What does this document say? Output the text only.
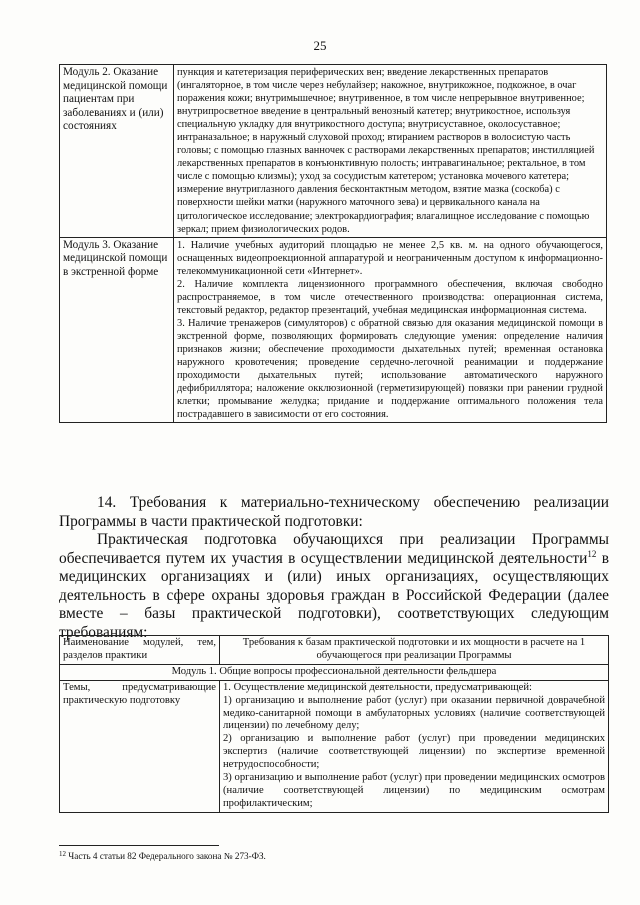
25
Модуль 2. Оказание медицинской помощи пациентам при заболеваниях и (или) состояниях	пункция и катетеризация периферических вен; введение лекарственных препаратов (ингаляторное, в том числе через небулайзер; накожное, внутрикожное, подкожное, в очаг поражения кожи; внутримышечное; внутривенное, в том числе непрерывное внутривенное; внутрипросветное введение в центральный венозный катетер; внутрикостное, используя специальную укладку для внутрикостного доступа; внутрисуставное, околосуставное; интраназальное; в наружный слуховой проход; втиранием растворов в волосистую часть головы; с помощью глазных ванночек с растворами лекарственных препаратов; инстилляцией лекарственных препаратов в конъюнктивную полость; интравагинальное; ректальное, в том числе с помощью клизмы); уход за сосудистым катетером; установка мочевого катетера; измерение внутриглазного давления бесконтактным методом, взятие мазка (соскоба) с поверхности шейки матки (наружного маточного зева) и цервикального канала на цитологическое исследование; электрокардиография; влагалищное исследование с помощью зеркал; прием физиологических родов.

Модуль 3. Оказание медицинской помощи в экстренной форме	1. Наличие учебных аудиторий площадью не менее 2,5 кв. м. на одного обучающегося, оснащенных видеопроекционной аппаратурой и неограниченным доступом к информационно-телекоммуникационной сети «Интернет».
2. Наличие комплекта лицензионного программного обеспечения, включая свободно распространяемое, в том числе отечественного производства: операционная система, текстовый редактор, редактор презентаций, учебная медицинская информационная система.
3. Наличие тренажеров (симуляторов) с обратной связью для оказания медицинской помощи в экстренной форме, позволяющих формировать следующие умения: определение наличия признаков жизни; обеспечение проходимости дыхательных путей; временная остановка наружного кровотечения; проведение сердечно-легочной реанимации и поддержание проходимости дыхательных путей; использование автоматического наружного дефибриллятора; наложение окклюзионной (герметизирующей) повязки при ранении грудной клетки; промывание желудка; придание и поддержание оптимального положения тела пострадавшего в зависимости от его состояния.

14. Требования к материально-техническому обеспечению реализации Программы в части практической подготовки:

Практическая подготовка обучающихся при реализации Программы обеспечивается путем их участия в осуществлении медицинской деятельности$^{12}$ в медицинских организациях и (или) иных организациях, осуществляющих деятельность в сфере охраны здоровья граждан в Российской Федерации (далее вместе – базы практической подготовки), соответствующих следующим требованиям:

Наименование модулей, тем, разделов практики	Требования к базам практической подготовки и их мощности в расчете на 1 обучающегося при реализации Программы
Модуль 1. Общие вопросы профессиональной деятельности фельдшера	
Темы, предусматривающие практическую подготовку	1. Осуществление медицинской деятельности, предусматривающей:
1) организацию и выполнение работ (услуг) при оказании первичной доврачебной медико-санитарной помощи в амбулаторных условиях (наличие соответствующей лицензии) по лечебному делу;
2) организацию и выполнение работ (услуг) при проведении медицинских экспертиз (наличие соответствующей лицензии) по экспертизе временной нетрудоспособности;
3) организацию и выполнение работ (услуг) при проведении медицинских осмотров (наличие соответствующей лицензии) по медицинским осмотрам профилактическим;
$^{12}$ Часть 4 статьи 82 Федерального закона № 273-ФЗ.
